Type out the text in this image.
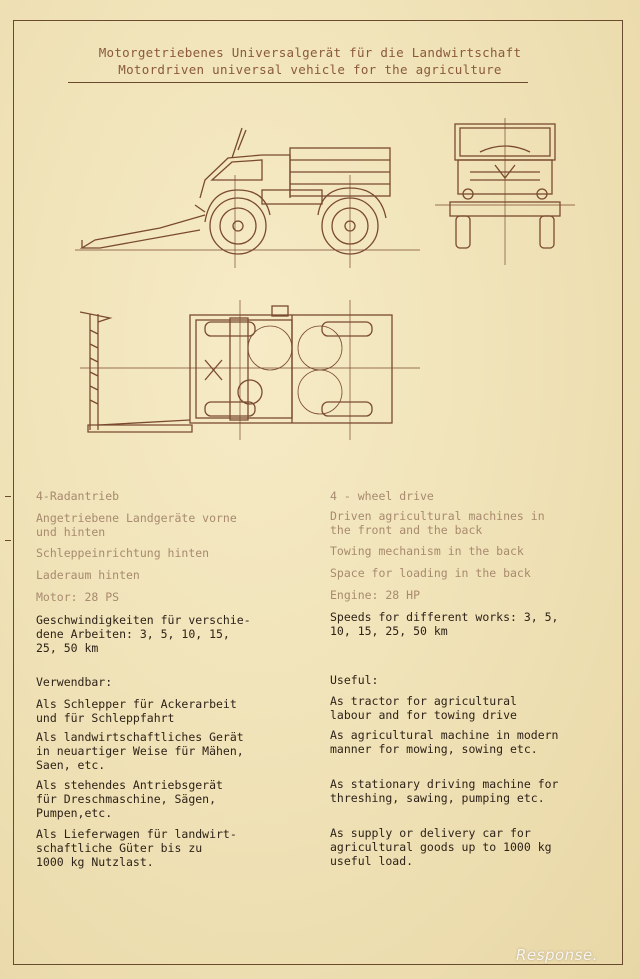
Motorgetriebenes Universalgerät für die Landwirtschaft
Motordriven universal vehicle for the agriculture

4-Radantrieb

Angetriebene Landgeräte vorne
und hinten

Schleppeinrichtung hinten

Laderaum hinten

Motor: 28 PS

Geschwindigkeiten für verschie-
dene Arbeiten: 3, 5, 10, 15,
25, 50 km

4 - wheel drive

Driven agricultural machines in
the front and the back

Towing mechanism in the back

Space for loading in the back

Engine: 28 HP

Speeds for different works: 3, 5,
10, 15, 25, 50 km

Verwendbar:

Als Schlepper für Ackerarbeit
und für Schleppfahrt

Als landwirtschaftliches Gerät
in neuartiger Weise für Mähen,
Saen, etc.

Als stehendes Antriebsgerät
für Dreschmaschine, Sägen,
Pumpen,etc.

Als Lieferwagen für landwirt-
schaftliche Güter bis zu
1000 kg Nutzlast.

Useful:

As tractor for agricultural
labour and for towing drive

As agricultural machine in modern
manner for mowing, sowing etc.

As stationary driving machine for
threshing, sawing, pumping etc.

As supply or delivery car for
agricultural goods up to 1000 kg
useful load.

Response.
